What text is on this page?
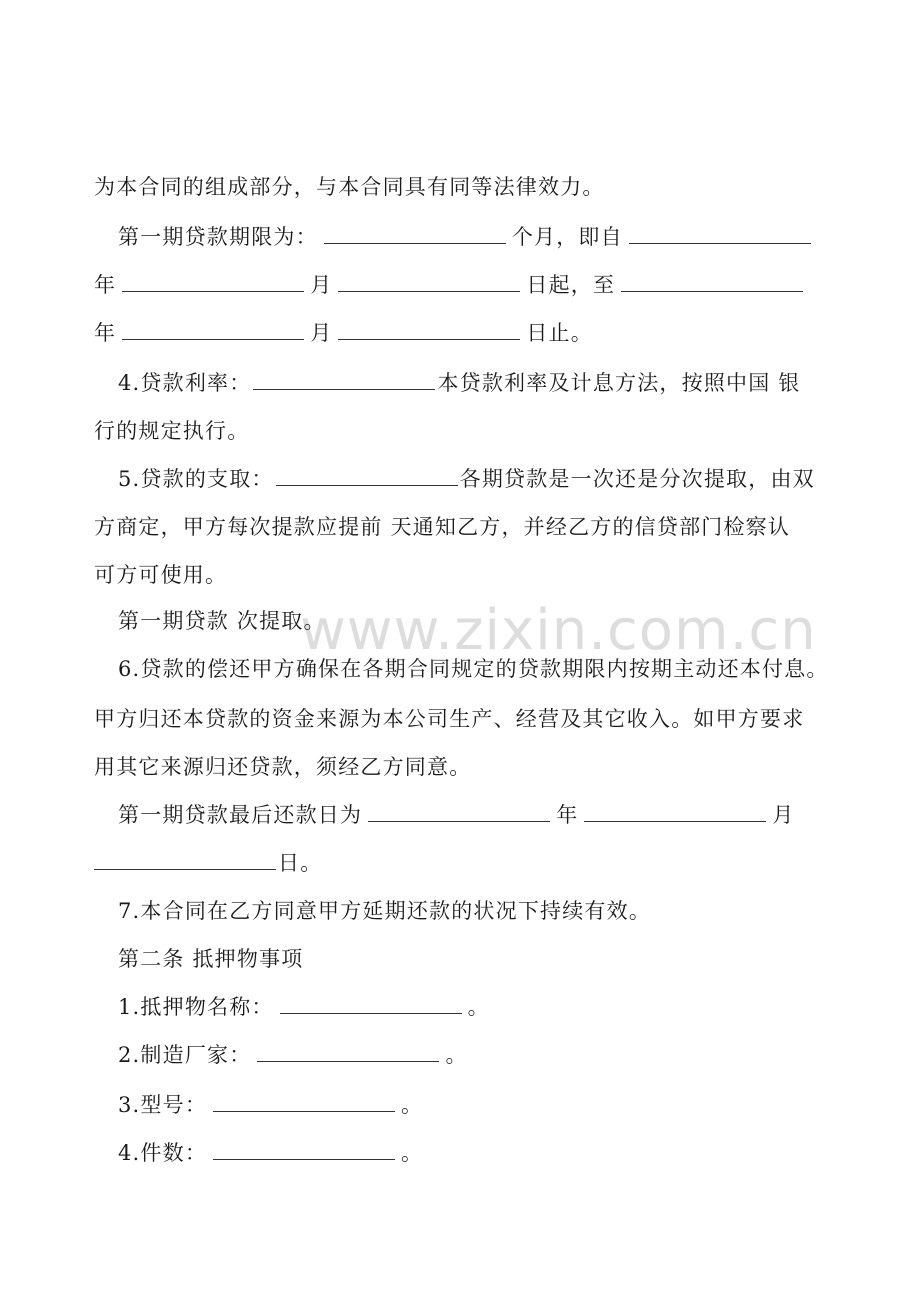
www.zixin.com.cn
为本合同的组成部分，与本合同具有同等法律效力。
第一期贷款期限为：	个月，即自
年	月	日起，至
年	月	日止。
4.贷款利率：	本贷款利率及计息方法，按照中国 银
行的规定执行。
5.贷款的支取：	各期贷款是一次还是分次提取，由双
方商定，甲方每次提款应提前 天通知乙方，并经乙方的信贷部门检察认
可方可使用。
第一期贷款 次提取。
6.贷款的偿还甲方确保在各期合同规定的贷款期限内按期主动还本付息。
甲方归还本贷款的资金来源为本公司生产、经营及其它收入。如甲方要求
用其它来源归还贷款，须经乙方同意。
第一期贷款最后还款日为	年	月
日。
7.本合同在乙方同意甲方延期还款的状况下持续有效。
第二条 抵押物事项
1.抵押物名称：	。
2.制造厂家：	。
3.型号：	。
4.件数：	。
